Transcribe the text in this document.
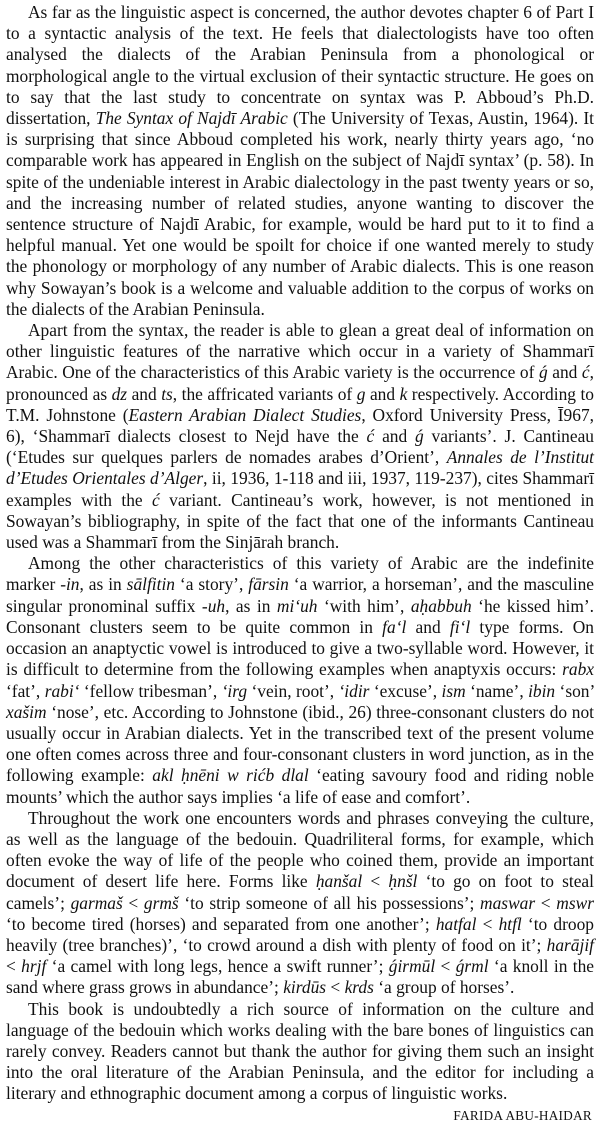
As far as the linguistic aspect is concerned, the author devotes chapter 6 of Part I to a syntactic analysis of the text. He feels that dialectologists have too often analysed the dialects of the Arabian Peninsula from a phonological or morphological angle to the virtual exclusion of their syntactic structure. He goes on to say that the last study to concentrate on syntax was P. Abboud’s Ph.D. dissertation, The Syntax of Najdī Arabic (The University of Texas, Austin, 1964). It is surprising that since Abboud completed his work, nearly thirty years ago, ‘no comparable work has appeared in English on the subject of Najdī syntax’ (p. 58). In spite of the undeniable interest in Arabic dialectology in the past twenty years or so, and the increasing number of related studies, anyone wanting to discover the sentence structure of Najdī Arabic, for example, would be hard put to it to find a helpful manual. Yet one would be spoilt for choice if one wanted merely to study the phonology or morphology of any number of Arabic dialects. This is one reason why Sowayan’s book is a welcome and valuable addition to the corpus of works on the dialects of the Arabian Peninsula.

Apart from the syntax, the reader is able to glean a great deal of information on other linguistic features of the narrative which occur in a variety of Shammarī Arabic. One of the characteristics of this Arabic variety is the occurrence of ǵ and ć, pronounced as dz and ts, the affricated variants of g and k respectively. According to T.M. Johnstone (Eastern Arabian Dialect Studies, Oxford University Press, Ī967, 6), ‘Shammarī dialects closest to Nejd have the ć and ǵ variants’. J. Cantineau (‘Etudes sur quelques parlers de nomades arabes d’Orient’, Annales de l’Institut d’Etudes Orientales d’Alger, ii, 1936, 1-118 and iii, 1937, 119-237), cites Shammarī examples with the ć variant. Cantineau’s work, however, is not mentioned in Sowayan’s bibliography, in spite of the fact that one of the informants Cantineau used was a Shammarī from the Sinjārah branch.

Among the other characteristics of this variety of Arabic are the indefinite marker -in, as in sālfitin ‘a story’, fārsin ‘a warrior, a horseman’, and the masculine singular pronominal suffix -uh, as in mi‘uh ‘with him’, aḥabbuh ‘he kissed him’. Consonant clusters seem to be quite common in fa‘l and fi‘l type forms. On occasion an anaptyctic vowel is introduced to give a two-syllable word. However, it is difficult to determine from the following examples when anaptyxis occurs: rabx ‘fat’, rabi‘ ‘fellow tribesman’, ‘irg ‘vein, root’, ‘idir ‘excuse’, ism ‘name’, ibin ‘son’ xašim ‘nose’, etc. According to Johnstone (ibid., 26) three-consonant clusters do not usually occur in Arabian dialects. Yet in the transcribed text of the present volume one often comes across three and four-consonant clusters in word junction, as in the following example: akl ḥnēni w rićb dlal ‘eating savoury food and riding noble mounts’ which the author says implies ‘a life of ease and comfort’.

Throughout the work one encounters words and phrases conveying the culture, as well as the language of the bedouin. Quadriliteral forms, for example, which often evoke the way of life of the people who coined them, provide an important document of desert life here. Forms like ḥanšal < ḥnšl ‘to go on foot to steal camels’; garmaš < grmš ‘to strip someone of all his possessions’; maswar < mswr ‘to become tired (horses) and separated from one another’; hatfal < htfl ‘to droop heavily (tree branches)’, ‘to crowd around a dish with plenty of food on it’; harājif < hrjf ‘a camel with long legs, hence a swift runner’; ǵirmūl < ǵrml ‘a knoll in the sand where grass grows in abundance’; kirdūs < krds ‘a group of horses’.

This book is undoubtedly a rich source of information on the culture and language of the bedouin which works dealing with the bare bones of linguistics can rarely convey. Readers cannot but thank the author for giving them such an insight into the oral literature of the Arabian Peninsula, and the editor for including a literary and ethnographic document among a corpus of linguistic works.

FARIDA ABU-HAIDAR
